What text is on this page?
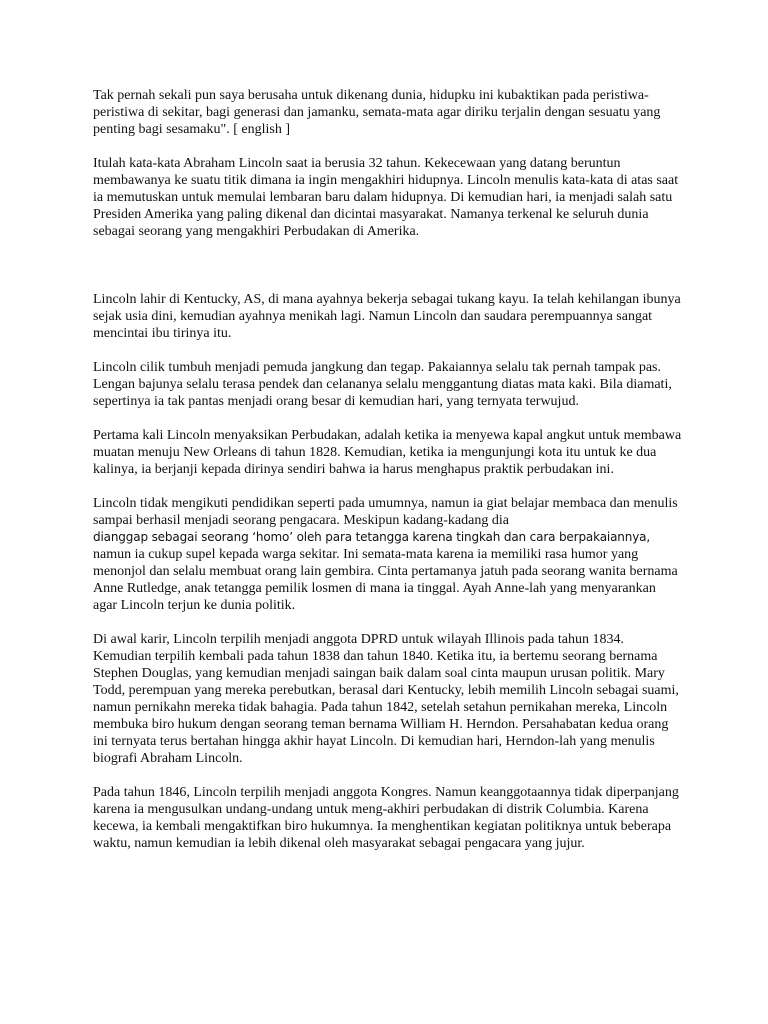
Tak pernah sekali pun saya berusaha untuk dikenang dunia, hidupku ini kubaktikan pada peristiwa-peristiwa di sekitar, bagi generasi dan jamanku, semata-mata agar diriku terjalin dengan sesuatu yang penting bagi sesamaku". [ english ]

Itulah kata-kata Abraham Lincoln saat ia berusia 32 tahun. Kekecewaan yang datang beruntun membawanya ke suatu titik dimana ia ingin mengakhiri hidupnya. Lincoln menulis kata-kata di atas saat ia memutuskan untuk memulai lembaran baru dalam hidupnya. Di kemudian hari, ia menjadi salah satu Presiden Amerika yang paling dikenal dan dicintai masyarakat. Namanya terkenal ke seluruh dunia sebagai seorang yang mengakhiri Perbudakan di Amerika.

Lincoln lahir di Kentucky, AS, di mana ayahnya bekerja sebagai tukang kayu. Ia telah kehilangan ibunya sejak usia dini, kemudian ayahnya menikah lagi. Namun Lincoln dan saudara perempuannya sangat mencintai ibu tirinya itu.

Lincoln cilik tumbuh menjadi pemuda jangkung dan tegap. Pakaiannya selalu tak pernah tampak pas. Lengan bajunya selalu terasa pendek dan celananya selalu menggantung diatas mata kaki. Bila diamati, sepertinya ia tak pantas menjadi orang besar di kemudian hari, yang ternyata terwujud.

Pertama kali Lincoln menyaksikan Perbudakan, adalah ketika ia menyewa kapal angkut untuk membawa muatan menuju New Orleans di tahun 1828. Kemudian, ketika ia mengunjungi kota itu untuk ke dua kalinya, ia berjanji kepada dirinya sendiri bahwa ia harus menghapus praktik perbudakan ini.

Lincoln tidak mengikuti pendidikan seperti pada umumnya, namun ia giat belajar membaca dan menulis sampai berhasil menjadi seorang pengacara. Meskipun kadang-kadang dia
dianggap sebagai seorang ‘homo’ oleh para tetangga karena tingkah dan cara berpakaiannya,
namun ia cukup supel kepada warga sekitar. Ini semata-mata karena ia memiliki rasa humor yang menonjol dan selalu membuat orang lain gembira. Cinta pertamanya jatuh pada seorang wanita bernama Anne Rutledge, anak tetangga pemilik losmen di mana ia tinggal. Ayah Anne-lah yang menyarankan agar Lincoln terjun ke dunia politik.

Di awal karir, Lincoln terpilih menjadi anggota DPRD untuk wilayah Illinois pada tahun 1834. Kemudian terpilih kembali pada tahun 1838 dan tahun 1840. Ketika itu, ia bertemu seorang bernama Stephen Douglas, yang kemudian menjadi saingan baik dalam soal cinta maupun urusan politik. Mary Todd, perempuan yang mereka perebutkan, berasal dari Kentucky, lebih memilih Lincoln sebagai suami, namun pernikahn mereka tidak bahagia. Pada tahun 1842, setelah setahun pernikahan mereka, Lincoln membuka biro hukum dengan seorang teman bernama William H. Herndon. Persahabatan kedua orang ini ternyata terus bertahan hingga akhir hayat Lincoln. Di kemudian hari, Herndon-lah yang menulis biografi Abraham Lincoln.

Pada tahun 1846, Lincoln terpilih menjadi anggota Kongres. Namun keanggotaannya tidak diperpanjang karena ia mengusulkan undang-undang untuk meng-akhiri perbudakan di distrik Columbia. Karena kecewa, ia kembali mengaktifkan biro hukumnya. Ia menghentikan kegiatan politiknya untuk beberapa waktu, namun kemudian ia lebih dikenal oleh masyarakat sebagai pengacara yang jujur.
